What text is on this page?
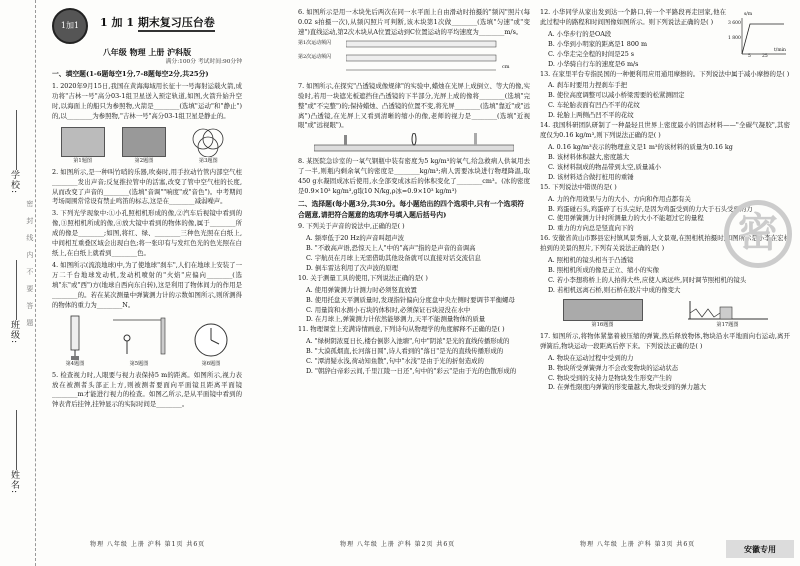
学校:
班级:
姓名:
密封线内不要答题
1加1	1 加 1 期末复习压台卷
八年级 物理 上册 沪科版
满分:100分 考试时间:90分钟
一、填空题(1-6题每空1分,7-8题每空2分,共25分)

1. 2020年9月15日,我国在黄海海域用长征十一号海射运载火箭,成功将"吉林一号"高分03-1组卫星送入预定轨道,如图,火箭升始升空时,以海面上的船只为参照物,火箭是________(选填"运动"和"静止")的,以________为参照物,"吉林一号"高分03-1组卫星是静止的。

第1题图	第2题图	第3题图

2. 如图所示,是一种叫竹哨的乐器,吹奏时,用手拉动竹管内部空气柱________发出声音;反复推拉管中的活塞,改变了管中空气柱的长度,从而改变了声音的________(选填"音调""响度"或"音色")。中考期间考场周围常常设有禁止鸣笛的标志,这是在________减弱噪声。

3. 下列光学现象中:①小孔照相机形成的像,②汽车后视镜中看到的像,③照相机所成的像,④放大镜中看到的物体的像,属于________所成的像是________;如图,将红、绿、________三种色光照在白纸上,中间相互重叠区域会出现白色;将一张印有与发红色光的色光照在白纸上,在白纸上就看到________色。

4. 如图所示(流浪地球)中,为了使地球"刹车",人们在地球上安装了一万二千台地球发动机,发动机喷射的"火焰"应偏向________(选填"东"或"西")方(地球自西向东自转),这是利用了物体间力的作用是________的。若在某次测量中弹簧测力计的示数如图所示,则所测得的物体的重力为________N。

第4题图	第5题图	第6题图

5. 检查视力时,人眼要与视力表保持5 m的距离。如图所示,视力表放在被测者头部正上方,则被测者要面向平面镜且距离平面镜________m才能进行视力的检查。如图乙所示,是从平面镜中看到的钟表背后挂钟,挂钟显示的实际时间是________。

6. 如图所示是用一木块先后两次在同一水平面上自由滑动时拍摄的"频闪"照片(每0.02 s拍摄一次),从频闪照片可判断,该木块第1次做________(选填"匀速"或"变速")直线运动,第2次木块从A位置运动到C位置运动的平均速度为________m/s。

第1次运动频闪
第2次运动频闪
cm

7. 如图所示,在探究"凸透镜成像规律"的实验中,蜡烛在光屏上成倒立、等大的像,实验时,若用一块遮光板遮挡住凸透镜的下半部分,光屏上成的像将________(选填"完整"或"不完整")的;保持蜡烛、凸透镜的位置不变,将光屏________(选填"靠近"或"远离")凸透镜,在光屏上又看到清晰的缩小的像,老师的视力是________(选填"近视眼"或"远视眼")。

8. 某医院急诊室的一氧气钢瓶中装有密度为5 kg/m³的氧气,给急救病人供氧用去了一半,则瓶内剩余氧气的密度是________kg/m³;病人需要冰块进行物理降温,取450 g水凝固成冰后使用,水全部变成冰后的体积变化了________cm³。(冰的密度是0.9×10³ kg/m³,g取10 N/kg,ρ冰=0.9×10³ kg/m³)

二、选择题(每小题3分,共30分。每小题给出的四个选项中,只有一个选项符合题意,请把符合题意的选项序号填入题后括号内)

9. 下列关于声音的说法中,正确的是( )

A. 频率低于20 Hz的声音叫超声波
B. "不敢高声语,恐惊天上人"中的"高声"指的是声音的音调高
C. 宇航员在月球上无需借助其他设备就可以直接对话交流信息
D. 倒车雷达利用了次声波的原理

10. 关于测量工具的使用,下列说法正确的是( )

A. 使用弹簧测力计测力时必须竖直放置
B. 使用托盘天平测质量时,发现指针偏向分度盘中央左侧时要调节平衡螺母
C. 用量筒和水测小石块的体积时,必须保证石块浸没在水中
D. 在月球上,弹簧测力计依然能够测力,天平不能测量物体的质量

11. 物理课堂上充满诗情画意,下列诗句从物理学的角度解释不正确的是( )

A. "绿树阴浓夏日长,楼台倒影入池塘",句中"阴浓"是光的直线传播形成的
B. "大漠孤烟直,长河落日圆",诗人看到的"落日"是光的直线传播形成的
C. "潭清疑水浅,荷动知鱼散",句中"水浅"是由于光的折射造成的
D. "朝辞白帝彩云间,千里江陵一日还",句中的"彩云"是由于光的色散形成的

12. 小华同学从家出发到达一个路口,转一个平路段再走回家,他在此过程中的路程和时间图像如图所示。则下列说法正确的是( )

A. 小华步行的是OA段
B. 小华到小明家的距离是1 800 m
C. 小华走完全程的时间是25 s
D. 小华骑自行车的速度是6 m/s
s/m
3 600
1 800
5 25
t/min

13. 在家里平台专指民国的一种便利用应用通用摩擦的。下列说法中属于减小摩擦的是( )

A. 刹车时要用力捏刹车手把
B. 使位高度调整可以减小桥梁需要的松紧测固定
C. 车轮胎表面有凹凸不平的花纹
D. 轮胎上两侧凸凹不平的花纹

14. 我国科研团队研制了一种最轻且世界上密度最小的固态材料——"全碳气凝胶",其密度仅为0.16 kg/m³,则下列说法正确的是( )

A. 0.16 kg/m³表示的物理意义是1 m³的该材料的质量为0.16 kg
B. 该材料体积越大,密度越大
C. 该材料制成的物品带到太空,质量减小
D. 该材料适合做打桩用的重锤

15. 下列说法中错误的是( )

A. 力的作用效果与力的大小、方向和作用点都有关
B. 鸡蛋碰石头,鸡蛋碎了石头完好,是因为鸡蛋受到的力大于石头受到的力
C. 使用弹簧测力计时所测量力的大小不能超过它的量程
D. 重力的方向总是竖直向下的

16. 安徽省黄山市黟县宏村镇风景秀丽,人文景观,在照相机拍摄时,如图所示是小李在宏村拍到的美景的照片,下列有关说法正确的是( )

A. 照相机的镜头相当于凸透镜
B. 照相机所成的像是正立、缩小的实像
C. 若小李想将桥上的人拍得大些,应使人离远些,同时调节照相机的镜头
D. 若相机远离石桥,则石桥在胶片中成的像变大
第16题图	第17题图

17. 如图所示,将物体紧靠着被压缩的弹簧,然后释放物体,物块沿水平地面向右运动,离开弹簧后,物块运动一段距离后停下来。下列说法正确的是( )

A. 物块在运动过程中受到的力
B. 物块所受弹簧弹力不会改变物块的运动状态
C. 物块受到的支持力是物块发生形变产生的
D. 在弹性限度内弹簧的形变量越大,物块受到的弹力越大
密
物理 八年级 上册 沪科 第1页 共6页	物理 八年级 上册 沪科 第2页 共6页	物理 八年级 上册 沪科 第3页 共6页	安徽专用
